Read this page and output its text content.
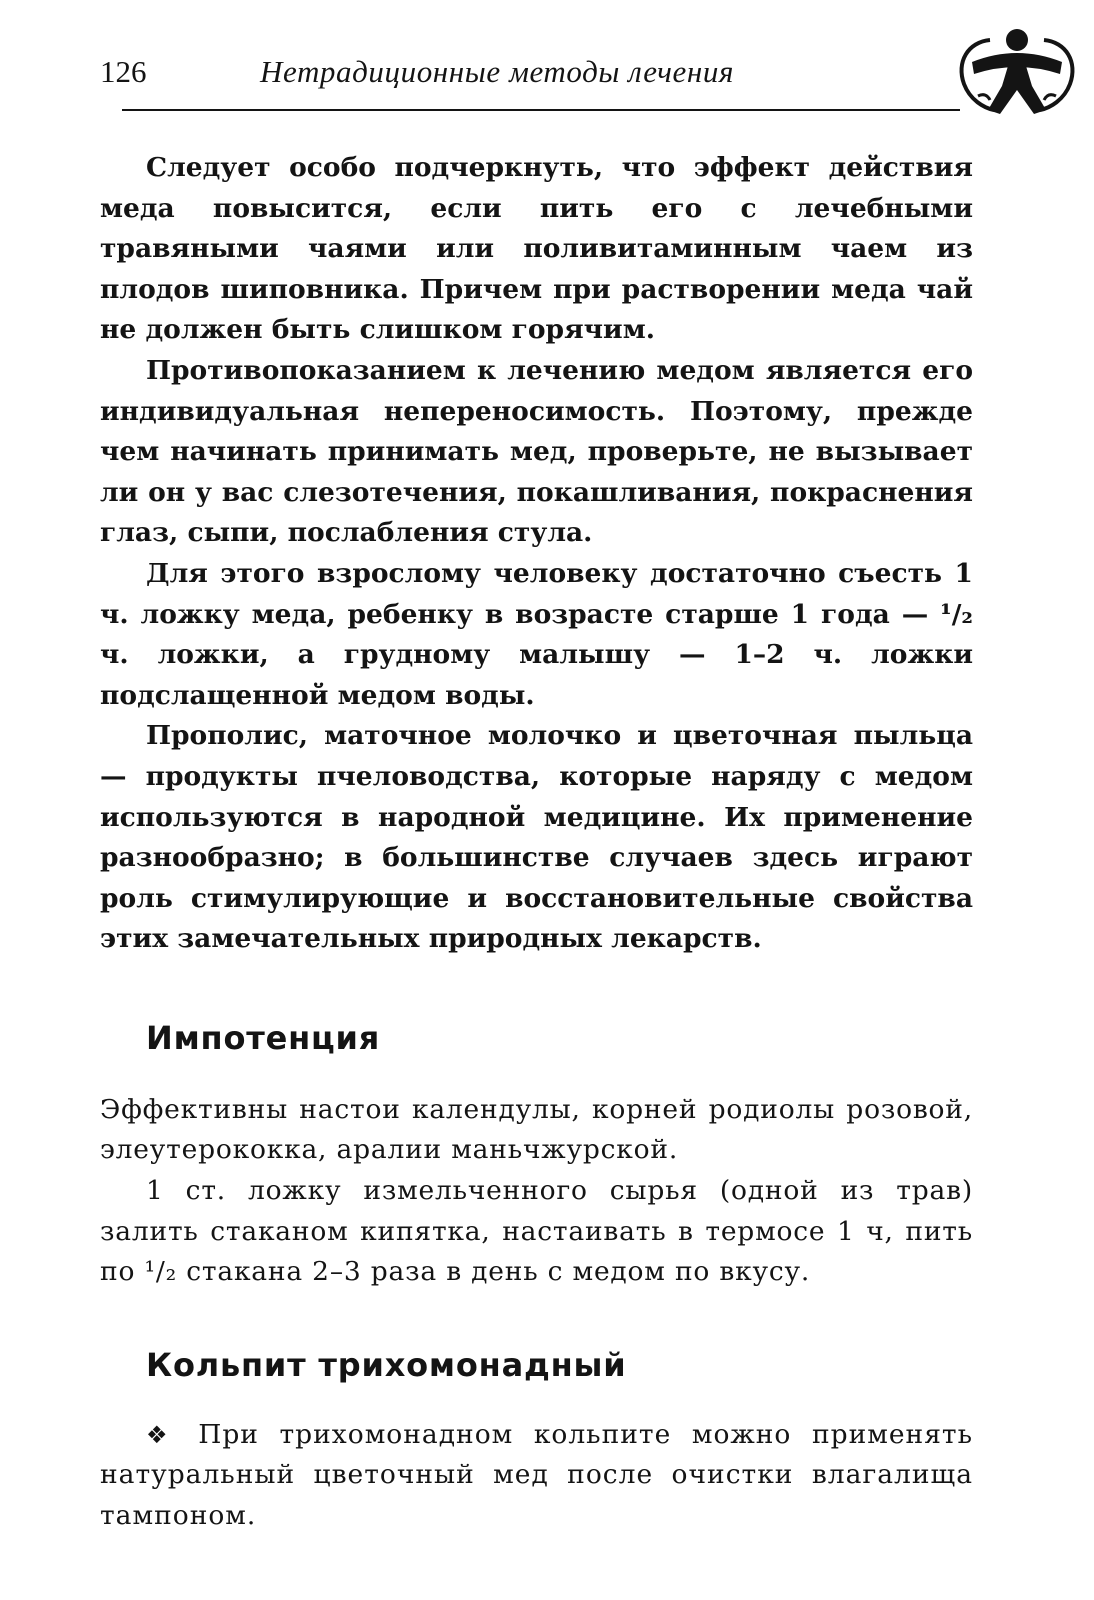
126	Нетрадиционные методы лечения

Следует особо подчеркнуть, что эффект действия меда повысится, если пить его с лечебными травяными чаями или поливитаминным чаем из плодов шиповника. Причем при растворении меда чай не должен быть слишком горячим.

Противопоказанием к лечению медом является его индивидуальная непереносимость. Поэтому, прежде чем начинать принимать мед, проверьте, не вызывает ли он у вас слезотечения, покашливания, покраснения глаз, сыпи, послабления стула.

Для этого взрослому человеку достаточно съесть 1 ч. ложку меда, ребенку в возрасте старше 1 года — ¹/₂ ч. ложки, а грудному малышу — 1–2 ч. ложки подслащенной медом воды.

Прополис, маточное молочко и цветочная пыльца — продукты пчеловодства, которые наряду с медом используются в народной медицине. Их применение разнообразно; в большинстве случаев здесь играют роль стимулирующие и восстановительные свойства этих замечательных природных лекарств.

Импотенция

Эффективны настои календулы, корней родиолы розовой, элеутерококка, аралии маньчжурской.

1 ст. ложку измельченного сырья (одной из трав) залить стаканом кипятка, настаивать в термосе 1 ч, пить по ¹/₂ стакана 2–3 раза в день с медом по вкусу.

Кольпит трихомонадный

❖ При трихомонадном кольпите можно применять натуральный цветочный мед после очистки влагалища тампоном.
